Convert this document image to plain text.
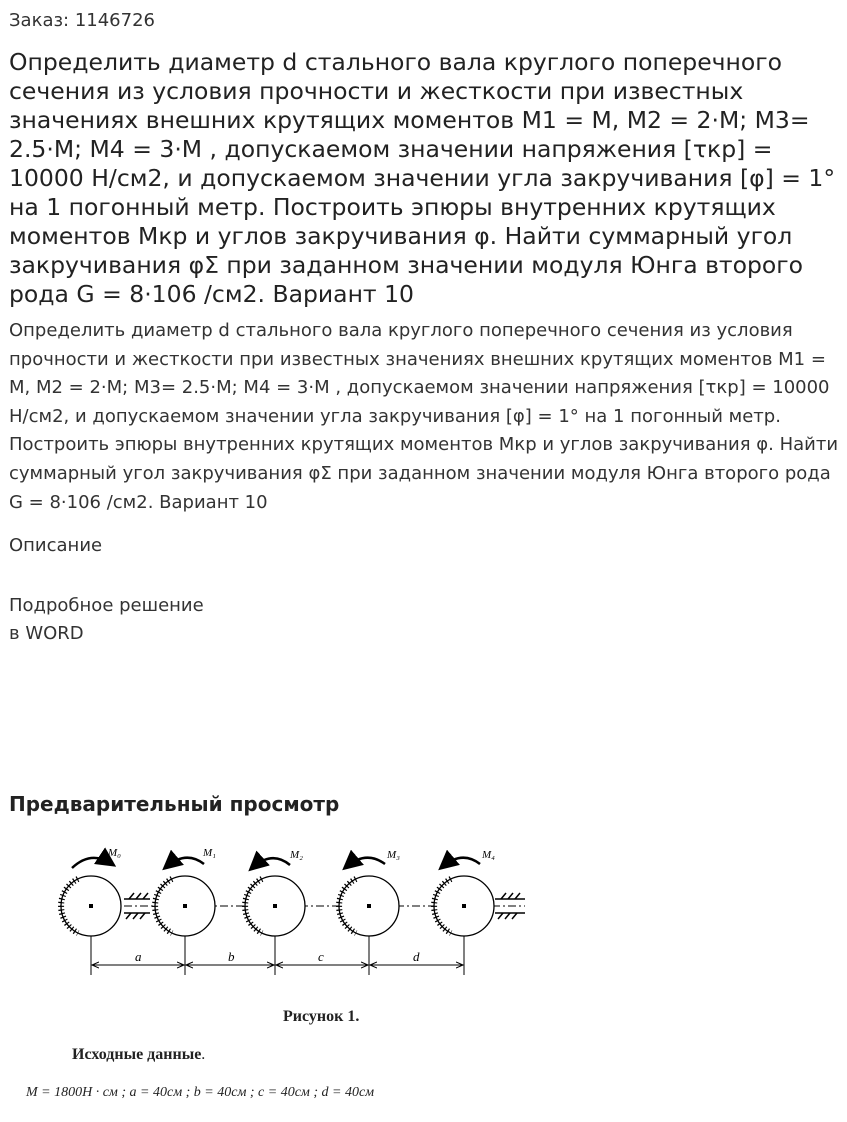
Заказ: 1146726
Определить диаметр d стального вала круглого поперечного сечения из условия прочности и жесткости при известных значениях внешних крутящих моментов М1 = М, М2 = 2·М; М3= 2.5·М; М4 = 3·М , допускаемом значении напряжения [τкр] = 10000 Н/см2, и допускаемом значении угла закручивания [φ] = 1° на 1 погонный метр. Построить эпюры внутренних крутящих моментов Мкр и углов закручивания φ. Найти суммарный угол закручивания φΣ при заданном значении модуля Юнга второго рода G = 8·106 /см2. Вариант 10

Определить диаметр d стального вала круглого поперечного сечения из условия прочности и жесткости при известных значениях внешних крутящих моментов М1 = М, М2 = 2·М; М3= 2.5·М; М4 = 3·М , допускаемом значении напряжения [τкр] = 10000 Н/см2, и допускаемом значении угла закручивания [φ] = 1° на 1 погонный метр. Построить эпюры внутренних крутящих моментов Мкр и углов закручивания φ. Найти суммарный угол закручивания φΣ при заданном значении модуля Юнга второго рода G = 8·106 /см2. Вариант 10

Описание
Подробное решение
в WORD
Предварительный просмотр
M₀	M₁	M₂	M₃	M₄
a	b	c	d
Рисунок 1.
Исходные данные.
M = 1800H · см ; a = 40см ; b = 40см ; c = 40см ; d = 40см
